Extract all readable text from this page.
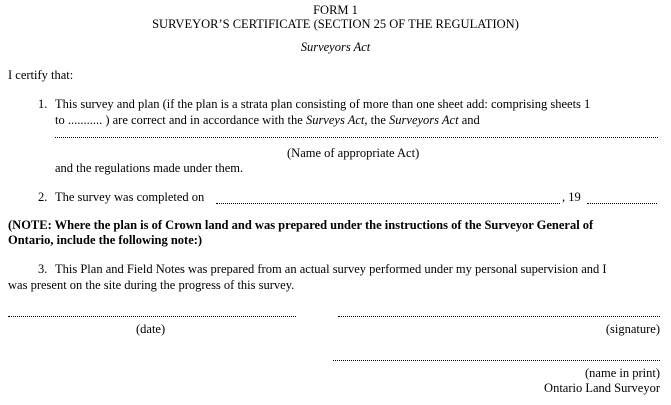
FORM 1
SURVEYOR’S CERTIFICATE (SECTION 25 OF THE REGULATION)
Surveyors Act
I certify that:
1. This survey and plan (if the plan is a strata plan consisting of more than one sheet add: comprising sheets 1
to ........... ) are correct and in accordance with the Surveys Act, the Surveyors Act and
(Name of appropriate Act)
and the regulations made under them.
2. The survey was completed on	, 19
(NOTE: Where the plan is of Crown land and was prepared under the instructions of the Surveyor General of
Ontario, include the following note:)
3. This Plan and Field Notes was prepared from an actual survey performed under my personal supervision and I
was present on the site during the progress of this survey.
(date)	(signature)
(name in print)
Ontario Land Surveyor
